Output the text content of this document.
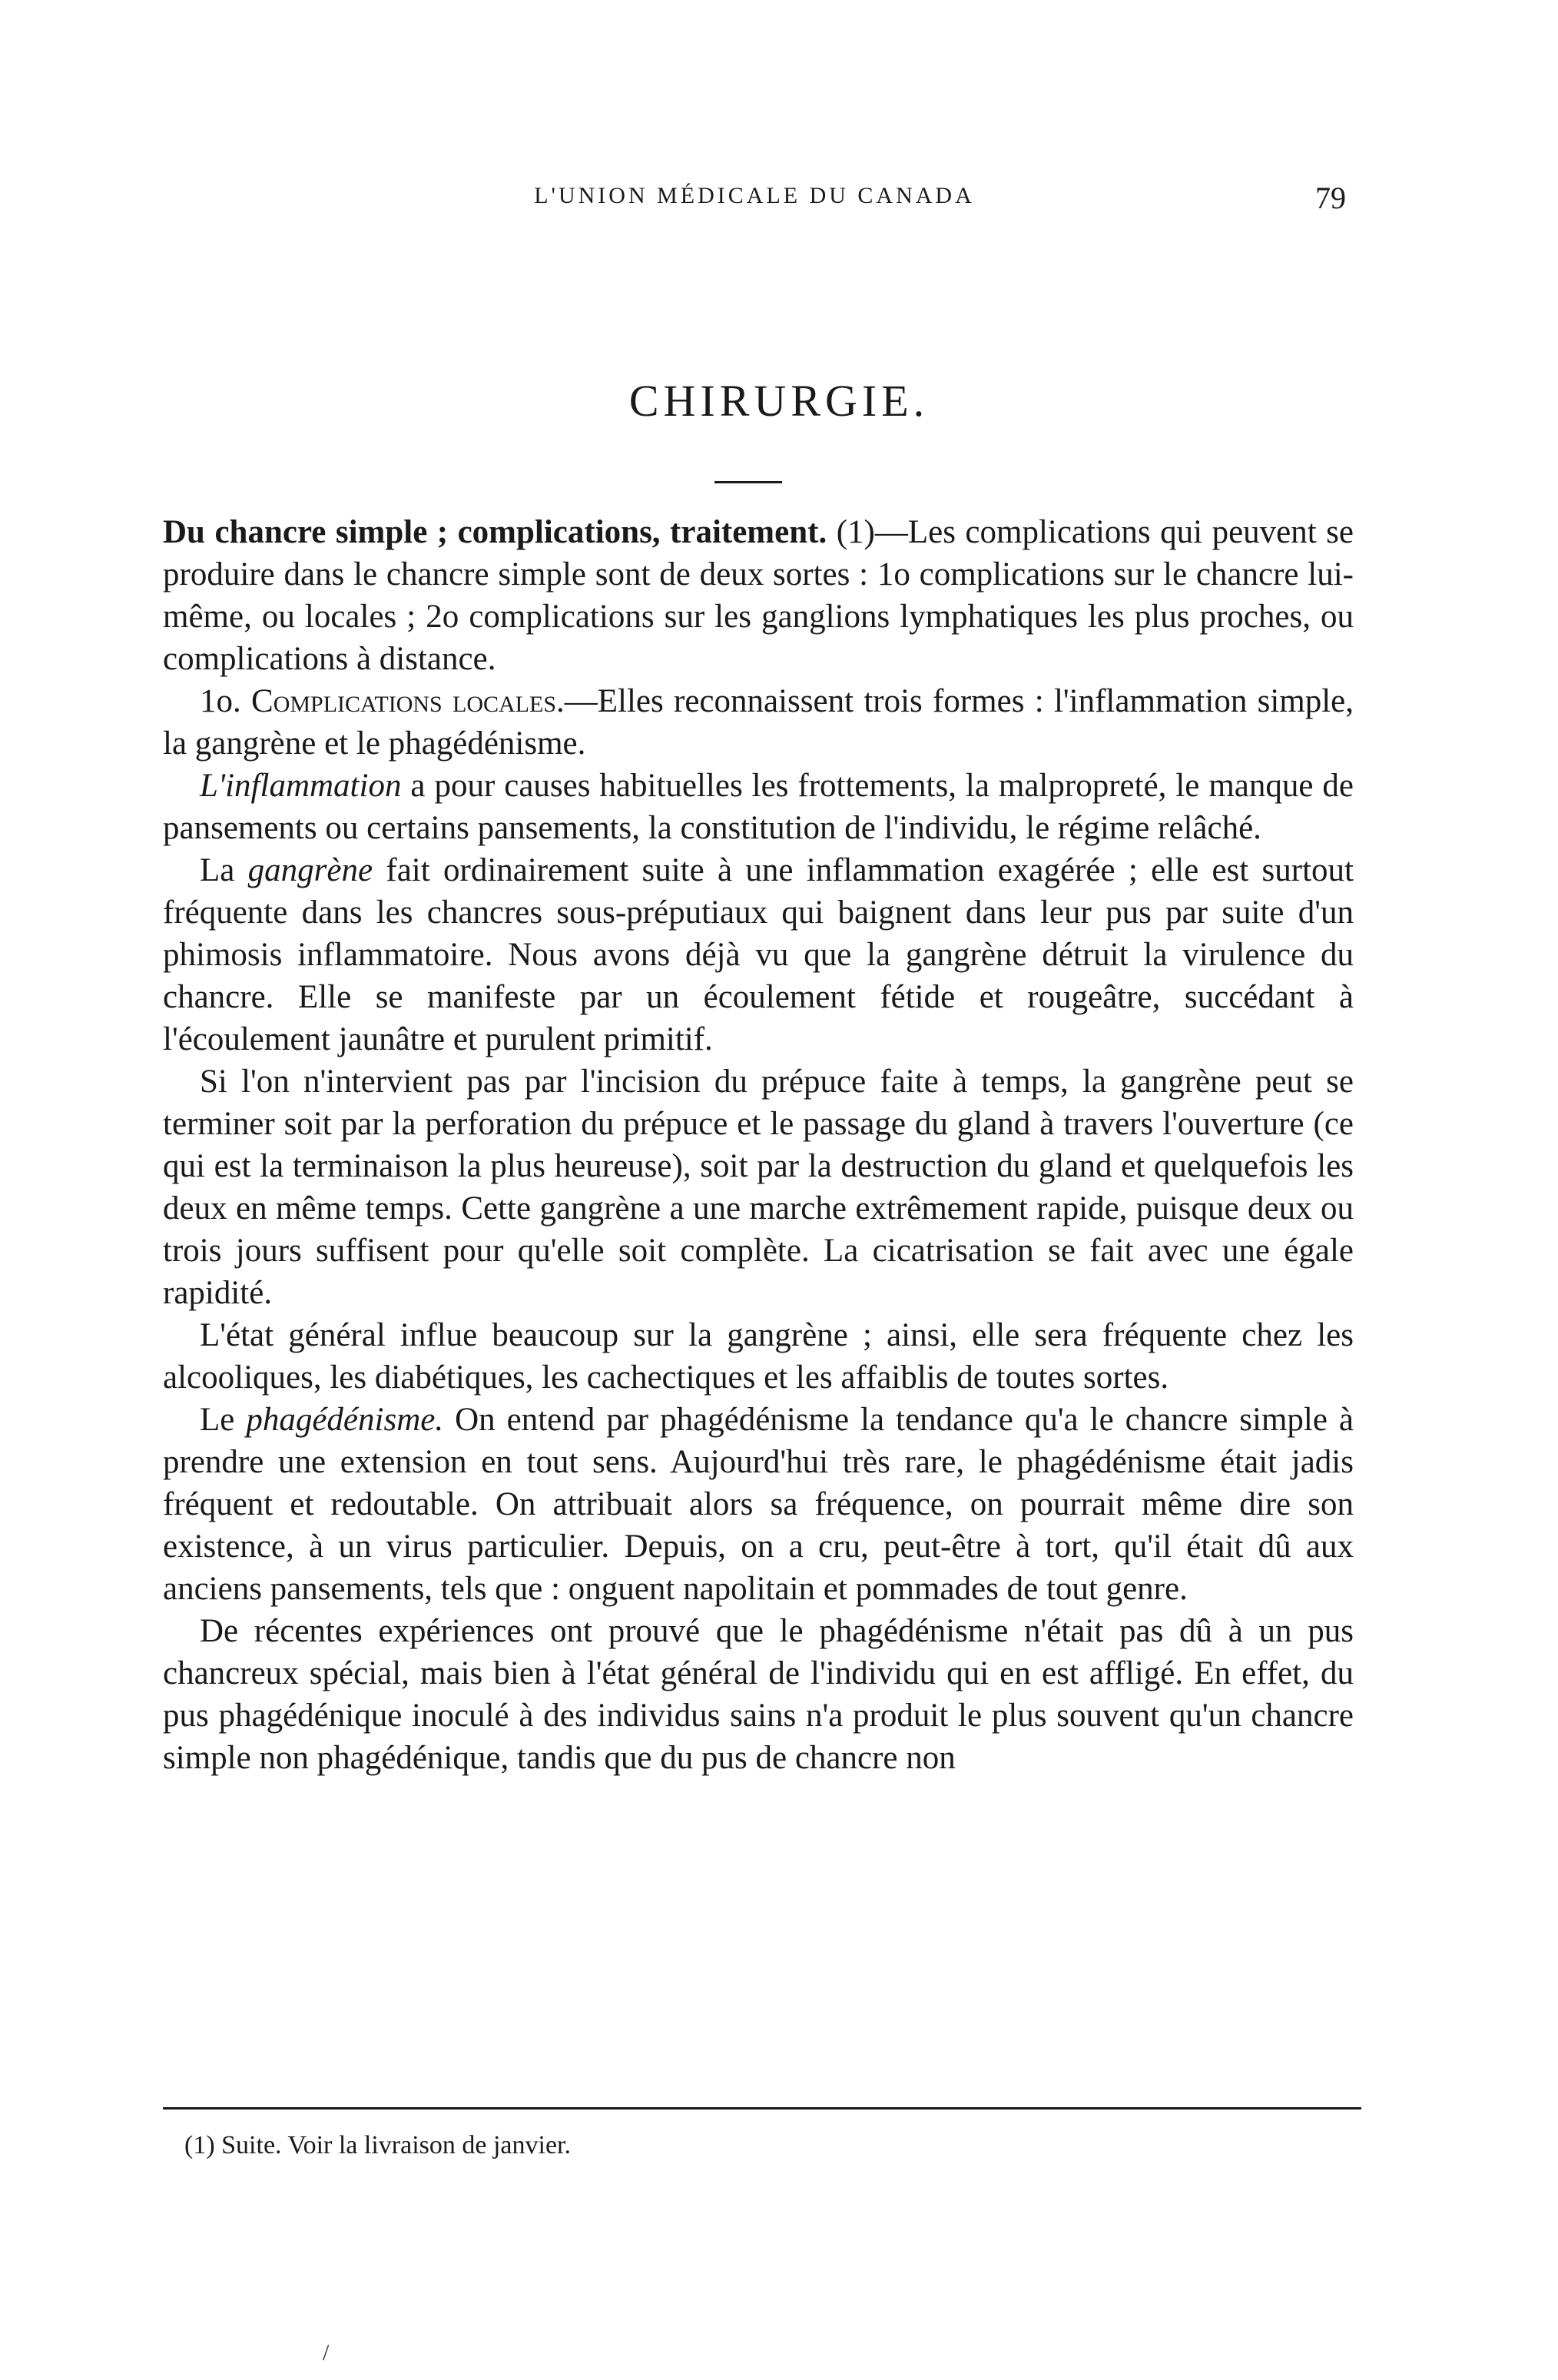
L'UNION MÉDICALE DU CANADA	79
CHIRURGIE.

Du chancre simple ; complications, traitement. (1)—Les complications qui peuvent se produire dans le chancre simple sont de deux sortes : 1o complications sur le chancre lui-même, ou locales ; 2o complications sur les ganglions lymphatiques les plus proches, ou complications à distance.

1o. Complications locales.—Elles reconnaissent trois formes : l'inflammation simple, la gangrène et le phagédénisme.

L'inflammation a pour causes habituelles les frottements, la malpropreté, le manque de pansements ou certains pansements, la constitution de l'individu, le régime relâché.

La gangrène fait ordinairement suite à une inflammation exagérée ; elle est surtout fréquente dans les chancres sous-préputiaux qui baignent dans leur pus par suite d'un phimosis inflammatoire. Nous avons déjà vu que la gangrène détruit la virulence du chancre. Elle se manifeste par un écoulement fétide et rougeâtre, succédant à l'écoulement jaunâtre et purulent primitif.

Si l'on n'intervient pas par l'incision du prépuce faite à temps, la gangrène peut se terminer soit par la perforation du prépuce et le passage du gland à travers l'ouverture (ce qui est la terminaison la plus heureuse), soit par la destruction du gland et quelquefois les deux en même temps. Cette gangrène a une marche extrêmement rapide, puisque deux ou trois jours suffisent pour qu'elle soit complète. La cicatrisation se fait avec une égale rapidité.

L'état général influe beaucoup sur la gangrène ; ainsi, elle sera fréquente chez les alcooliques, les diabétiques, les cachectiques et les affaiblis de toutes sortes.

Le phagédénisme. On entend par phagédénisme la tendance qu'a le chancre simple à prendre une extension en tout sens. Aujourd'hui très rare, le phagédénisme était jadis fréquent et redoutable. On attribuait alors sa fréquence, on pourrait même dire son existence, à un virus particulier. Depuis, on a cru, peut-être à tort, qu'il était dû aux anciens pansements, tels que : onguent napolitain et pommades de tout genre.

De récentes expériences ont prouvé que le phagédénisme n'était pas dû à un pus chancreux spécial, mais bien à l'état général de l'individu qui en est affligé. En effet, du pus phagédénique inoculé à des individus sains n'a produit le plus souvent qu'un chancre simple non phagédénique, tandis que du pus de chancre non

(1) Suite. Voir la livraison de janvier.
/
